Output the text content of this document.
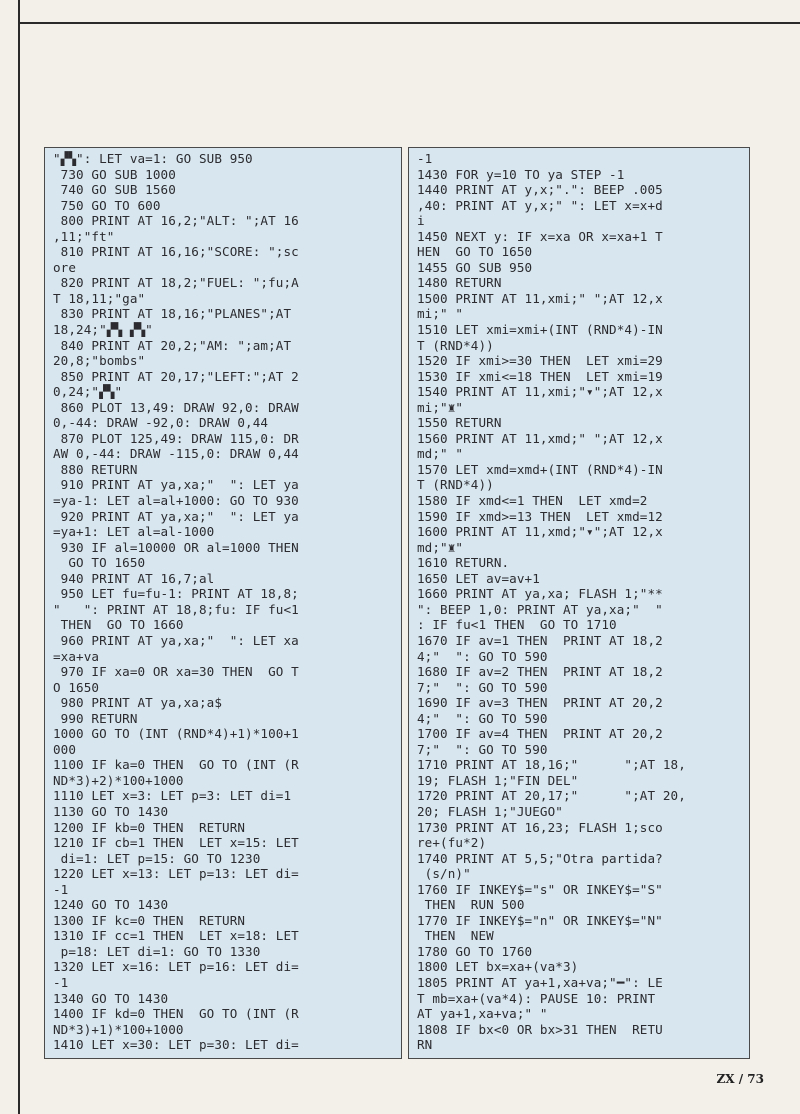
"▞▚": LET va=1: GO SUB 950
730 GO SUB 1000
740 GO SUB 1560
750 GO TO 600
800 PRINT AT 16,2;"ALT: ";AT 16
,11;"ft"
810 PRINT AT 16,16;"SCORE: ";sc
ore
820 PRINT AT 18,2;"FUEL: ";fu;A
T 18,11;"ga"
830 PRINT AT 18,16;"PLANES";AT
18,24;"▞▚ ▞▚"
840 PRINT AT 20,2;"AM: ";am;AT
20,8;"bombs"
850 PRINT AT 20,17;"LEFT:";AT 2
0,24;"▞▚"
860 PLOT 13,49: DRAW 92,0: DRAW
0,-44: DRAW -92,0: DRAW 0,44
870 PLOT 125,49: DRAW 115,0: DR
AW 0,-44: DRAW -115,0: DRAW 0,44
880 RETURN
910 PRINT AT ya,xa;"  ": LET ya
=ya-1: LET al=al+1000: GO TO 930
920 PRINT AT ya,xa;"  ": LET ya
=ya+1: LET al=al-1000
930 IF al=10000 OR al=1000 THEN
GO TO 1650
940 PRINT AT 16,7;al
950 LET fu=fu-1: PRINT AT 18,8;
"   ": PRINT AT 18,8;fu: IF fu<1
THEN  GO TO 1660
960 PRINT AT ya,xa;"  ": LET xa
=xa+va
970 IF xa=0 OR xa=30 THEN  GO T
O 1650
980 PRINT AT ya,xa;a$
990 RETURN
1000 GO TO (INT (RND*4)+1)*100+1
000
1100 IF ka=0 THEN  GO TO (INT (R
ND*3)+2)*100+1000
1110 LET x=3: LET p=3: LET di=1
1130 GO TO 1430
1200 IF kb=0 THEN  RETURN
1210 IF cb=1 THEN  LET x=15: LET
di=1: LET p=15: GO TO 1230
1220 LET x=13: LET p=13: LET di=
-1
1240 GO TO 1430
1300 IF kc=0 THEN  RETURN
1310 IF cc=1 THEN  LET x=18: LET
p=18: LET di=1: GO TO 1330
1320 LET x=16: LET p=16: LET di=
-1
1340 GO TO 1430
1400 IF kd=0 THEN  GO TO (INT (R
ND*3)+1)*100+1000
1410 LET x=30: LET p=30: LET di=
-1
1430 FOR y=10 TO ya STEP -1
1440 PRINT AT y,x;".": BEEP .005
,40: PRINT AT y,x;" ": LET x=x+d
i
1450 NEXT y: IF x=xa OR x=xa+1 T
HEN  GO TO 1650
1455 GO SUB 950
1480 RETURN
1500 PRINT AT 11,xmi;" ";AT 12,x
mi;" "
1510 LET xmi=xmi+(INT (RND*4)-IN
T (RND*4))
1520 IF xmi>=30 THEN  LET xmi=29
1530 IF xmi<=18 THEN  LET xmi=19
1540 PRINT AT 11,xmi;"▾";AT 12,x
mi;"♜"
1550 RETURN
1560 PRINT AT 11,xmd;" ";AT 12,x
md;" "
1570 LET xmd=xmd+(INT (RND*4)-IN
T (RND*4))
1580 IF xmd<=1 THEN  LET xmd=2
1590 IF xmd>=13 THEN  LET xmd=12
1600 PRINT AT 11,xmd;"▾";AT 12,x
md;"♜"
1610 RETURN.
1650 LET av=av+1
1660 PRINT AT ya,xa; FLASH 1;"**
": BEEP 1,0: PRINT AT ya,xa;"  "
: IF fu<1 THEN  GO TO 1710
1670 IF av=1 THEN  PRINT AT 18,2
4;"  ": GO TO 590
1680 IF av=2 THEN  PRINT AT 18,2
7;"  ": GO TO 590
1690 IF av=3 THEN  PRINT AT 20,2
4;"  ": GO TO 590
1700 IF av=4 THEN  PRINT AT 20,2
7;"  ": GO TO 590
1710 PRINT AT 18,16;"      ";AT 18,
19; FLASH 1;"FIN DEL"
1720 PRINT AT 20,17;"      ";AT 20,
20; FLASH 1;"JUEGO"
1730 PRINT AT 16,23; FLASH 1;sco
re+(fu*2)
1740 PRINT AT 5,5;"Otra partida?
(s/n)"
1760 IF INKEY$="s" OR INKEY$="S"
THEN  RUN 500
1770 IF INKEY$="n" OR INKEY$="N"
THEN  NEW
1780 GO TO 1760
1800 LET bx=xa+(va*3)
1805 PRINT AT ya+1,xa+va;"━": LE
T mb=xa+(va*4): PAUSE 10: PRINT
AT ya+1,xa+va;" "
1808 IF bx<0 OR bx>31 THEN  RETU
RN
ZX / 73
